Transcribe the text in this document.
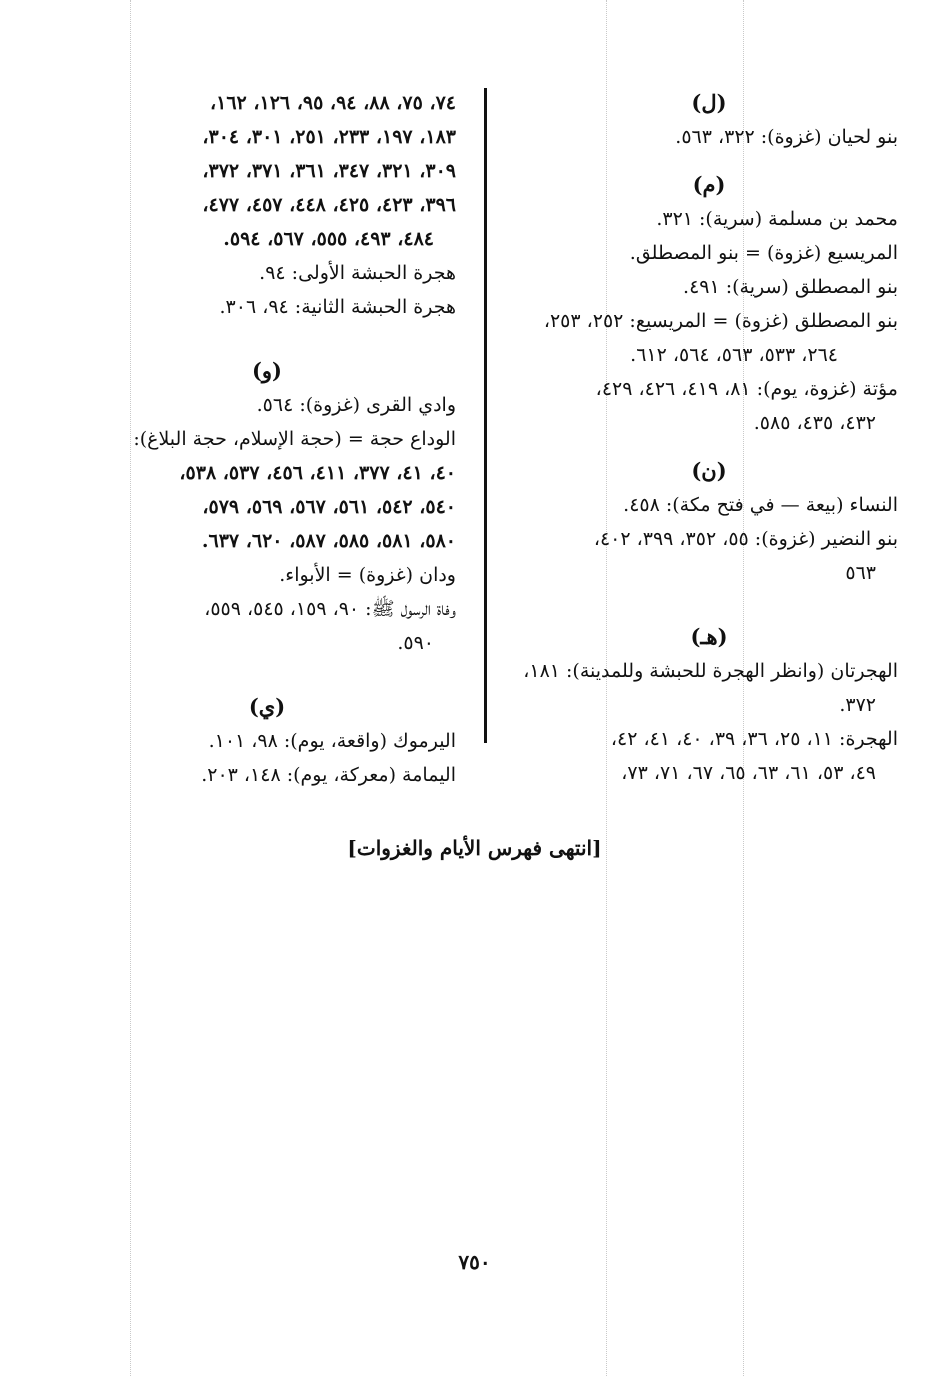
(ل)
بنو لحيان (غزوة): ٣٢٢، ٥٦٣.
(م)
محمد بن مسلمة (سرية): ٣٢١.
المريسيع (غزوة) = بنو المصطلق.
بنو المصطلق (سرية): ٤٩١.
بنو المصطلق (غزوة) = المريسيع: ٢٥٢، ٢٥٣،
٢٦٤، ٥٣٣، ٥٦٣، ٥٦٤، ٦١٢.
مؤتة (غزوة، يوم): ٨١، ٤١٩، ٤٢٦، ٤٢٩،
٤٣٢، ٤٣٥، ٥٨٥.
(ن)
النساء (بيعة — في فتح مكة): ٤٥٨.
بنو النضير (غزوة): ٥٥، ٣٥٢، ٣٩٩، ٤٠٢،
٥٦٣
(هـ)
الهجرتان (وانظر الهجرة للحبشة وللمدينة): ١٨١،
٣٧٢.
الهجرة: ١١، ٢٥، ٣٦، ٣٩، ٤٠، ٤١، ٤٢،
٤٩، ٥٣، ٦١، ٦٣، ٦٥، ٦٧، ٧١، ٧٣،
٧٤، ٧٥، ٨٨، ٩٤، ٩٥، ١٢٦، ١٦٢،
١٨٣، ١٩٧، ٢٣٣، ٢٥١، ٣٠١، ٣٠٤،
٣٠٩، ٣٢١، ٣٤٧، ٣٦١، ٣٧١، ٣٧٢،
٣٩٦، ٤٢٣، ٤٢٥، ٤٤٨، ٤٥٧، ٤٧٧،
٤٨٤، ٤٩٣، ٥٥٥، ٥٦٧، ٥٩٤.
هجرة الحبشة الأولى: ٩٤.
هجرة الحبشة الثانية: ٩٤، ٣٠٦.
(و)
وادي القرى (غزوة): ٥٦٤.
الوداع حجة = (حجة الإسلام، حجة البلاغ):
٤٠، ٤١، ٣٧٧، ٤١١، ٤٥٦، ٥٣٧، ٥٣٨،
٥٤٠، ٥٤٢، ٥٦١، ٥٦٧، ٥٦٩، ٥٧٩،
٥٨٠، ٥٨١، ٥٨٥، ٥٨٧، ٦٢٠، ٦٣٧.
ودان (غزوة) = الأبواء.
وفاة الرسول ﷺ: ٩٠، ١٥٩، ٥٤٥، ٥٥٩،
٥٩٠.
(ي)
اليرموك (واقعة، يوم): ٩٨، ١٠١.
اليمامة (معركة، يوم): ١٤٨، ٢٠٣.
[انتهى فهرس الأيام والغزوات]
٧٥٠
